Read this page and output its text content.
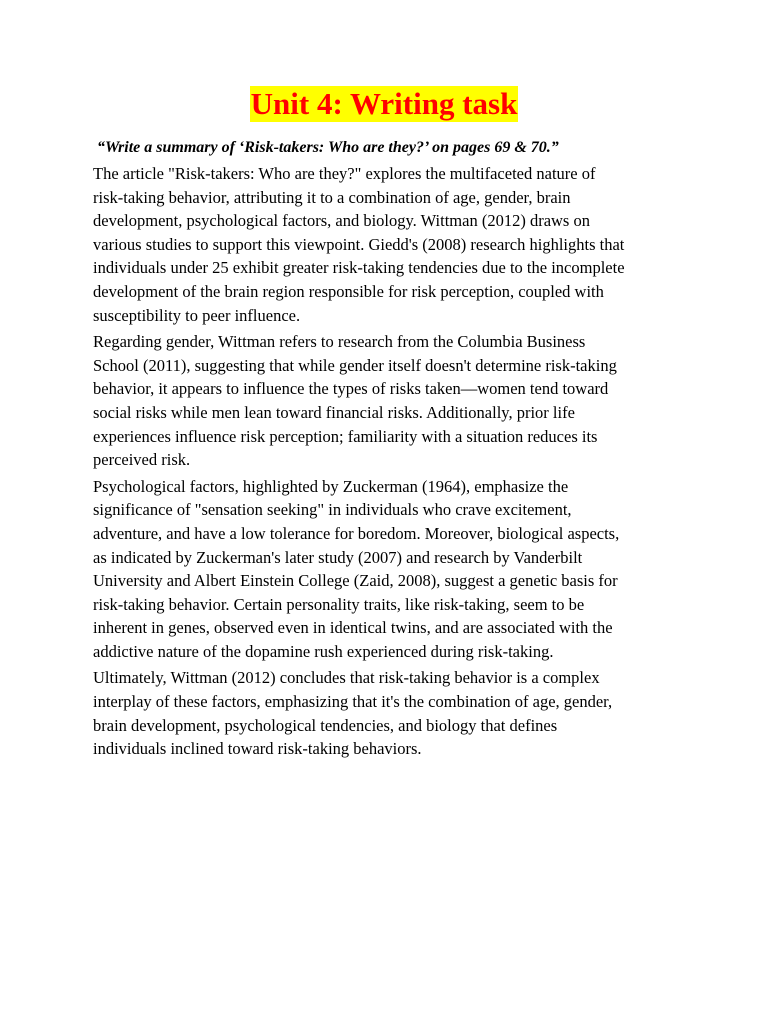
Unit 4: Writing task
“Write a summary of ‘Risk-takers: Who are they?’ on pages 69 & 70.”
The article "Risk-takers: Who are they?" explores the multifaceted nature of
risk-taking behavior, attributing it to a combination of age, gender, brain
development, psychological factors, and biology. Wittman (2012) draws on
various studies to support this viewpoint. Giedd's (2008) research highlights that
individuals under 25 exhibit greater risk-taking tendencies due to the incomplete
development of the brain region responsible for risk perception, coupled with
susceptibility to peer influence.
Regarding gender, Wittman refers to research from the Columbia Business
School (2011), suggesting that while gender itself doesn't determine risk-taking
behavior, it appears to influence the types of risks taken—women tend toward
social risks while men lean toward financial risks. Additionally, prior life
experiences influence risk perception; familiarity with a situation reduces its
perceived risk.
Psychological factors, highlighted by Zuckerman (1964), emphasize the
significance of "sensation seeking" in individuals who crave excitement,
adventure, and have a low tolerance for boredom. Moreover, biological aspects,
as indicated by Zuckerman's later study (2007) and research by Vanderbilt
University and Albert Einstein College (Zaid, 2008), suggest a genetic basis for
risk-taking behavior. Certain personality traits, like risk-taking, seem to be
inherent in genes, observed even in identical twins, and are associated with the
addictive nature of the dopamine rush experienced during risk-taking.
Ultimately, Wittman (2012) concludes that risk-taking behavior is a complex
interplay of these factors, emphasizing that it's the combination of age, gender,
brain development, psychological tendencies, and biology that defines
individuals inclined toward risk-taking behaviors.
